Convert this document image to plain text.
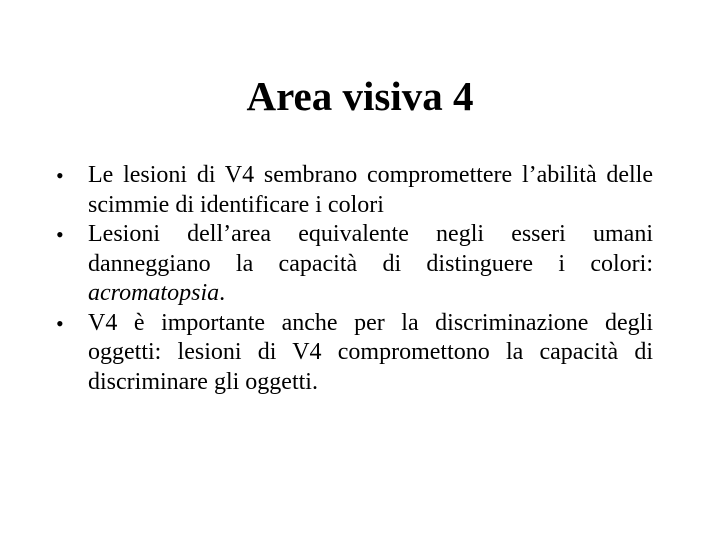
Area visiva 4
•	Le lesioni di V4 sembrano compromettere l’abilità delle scimmie di identificare i colori
•	Lesioni dell’area equivalente negli esseri umani danneggiano la capacità di distinguere i colori: acromatopsia.
•	V4 è importante anche per la discriminazione degli oggetti: lesioni di V4 compromettono la capacità di discriminare gli oggetti.
